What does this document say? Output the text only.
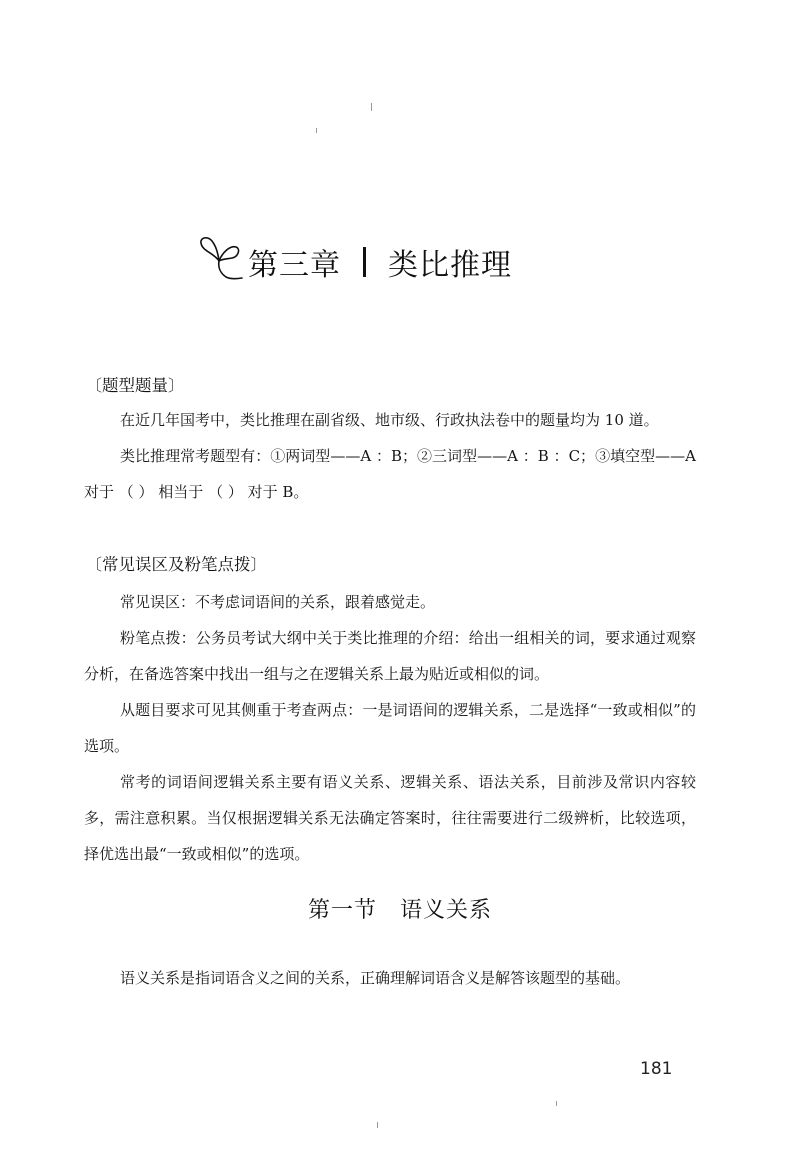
第三章 类比推理
〔题型题量〕

在近几年国考中，类比推理在副省级、地市级、行政执法卷中的题量均为 10 道。

类比推理常考题型有：①两词型——A ：B；②三词型——A ：B ：C；③填空型——A 对于 （ ） 相当于 （ ） 对于 B。

〔常见误区及粉笔点拨〕

常见误区：不考虑词语间的关系，跟着感觉走。

粉笔点拨：公务员考试大纲中关于类比推理的介绍：给出一组相关的词，要求通过观察分析，在备选答案中找出一组与之在逻辑关系上最为贴近或相似的词。

从题目要求可见其侧重于考查两点：一是词语间的逻辑关系，二是选择“一致或相似”的选项。

常考的词语间逻辑关系主要有语义关系、逻辑关系、语法关系，目前涉及常识内容较多，需注意积累。当仅根据逻辑关系无法确定答案时，往往需要进行二级辨析，比较选项，择优选出最“一致或相似”的选项。

第一节　语义关系

语义关系是指词语含义之间的关系，正确理解词语含义是解答该题型的基础。

181
